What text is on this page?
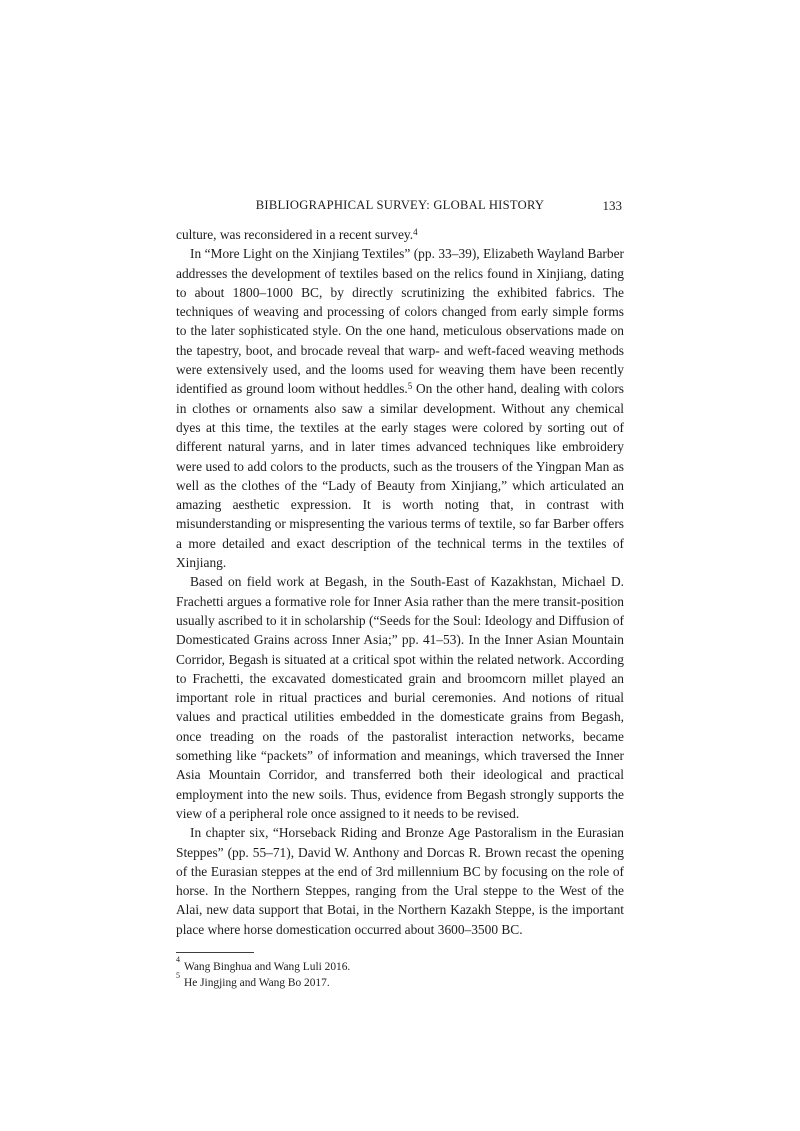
BIBLIOGRAPHICAL SURVEY: GLOBAL HISTORY	133

culture, was reconsidered in a recent survey.$^4$

In “More Light on the Xinjiang Textiles” (pp. 33–39), Elizabeth Wayland Barber addresses the development of textiles based on the relics found in Xinjiang, dating to about 1800–1000 BC, by directly scrutinizing the exhibited fabrics. The techniques of weaving and processing of colors changed from early simple forms to the later sophisticated style. On the one hand, meticulous observations made on the tapestry, boot, and brocade reveal that warp- and weft-faced weaving methods were extensively used, and the looms used for weaving them have been recently identified as ground loom without heddles.$^5$ On the other hand, dealing with colors in clothes or ornaments also saw a similar development. Without any chemical dyes at this time, the textiles at the early stages were colored by sorting out of different natural yarns, and in later times advanced techniques like embroidery were used to add colors to the products, such as the trousers of the Yingpan Man as well as the clothes of the “Lady of Beauty from Xinjiang,” which articulated an amazing aesthetic expression. It is worth noting that, in contrast with misunderstanding or mispresenting the various terms of textile, so far Barber offers a more detailed and exact description of the technical terms in the textiles of Xinjiang.

Based on field work at Begash, in the South-East of Kazakhstan, Michael D. Frachetti argues a formative role for Inner Asia rather than the mere transit-position usually ascribed to it in scholarship (“Seeds for the Soul: Ideology and Diffusion of Domesticated Grains across Inner Asia;” pp. 41–53). In the Inner Asian Mountain Corridor, Begash is situated at a critical spot within the related network. According to Frachetti, the excavated domesticated grain and broomcorn millet played an important role in ritual practices and burial ceremonies. And notions of ritual values and practical utilities embedded in the domesticate grains from Begash, once treading on the roads of the pastoralist interaction networks, became something like “packets” of information and meanings, which traversed the Inner Asia Mountain Corridor, and transferred both their ideological and practical employment into the new soils. Thus, evidence from Begash strongly supports the view of a peripheral role once assigned to it needs to be revised.

In chapter six, “Horseback Riding and Bronze Age Pastoralism in the Eurasian Steppes” (pp. 55–71), David W. Anthony and Dorcas R. Brown recast the opening of the Eurasian steppes at the end of 3rd millennium BC by focusing on the role of horse. In the Northern Steppes, ranging from the Ural steppe to the West of the Alai, new data support that Botai, in the Northern Kazakh Steppe, is the important place where horse domestication occurred about 3600–3500 BC.

$^4$Wang Binghua and Wang Luli 2016.

$^5$He Jingjing and Wang Bo 2017.
